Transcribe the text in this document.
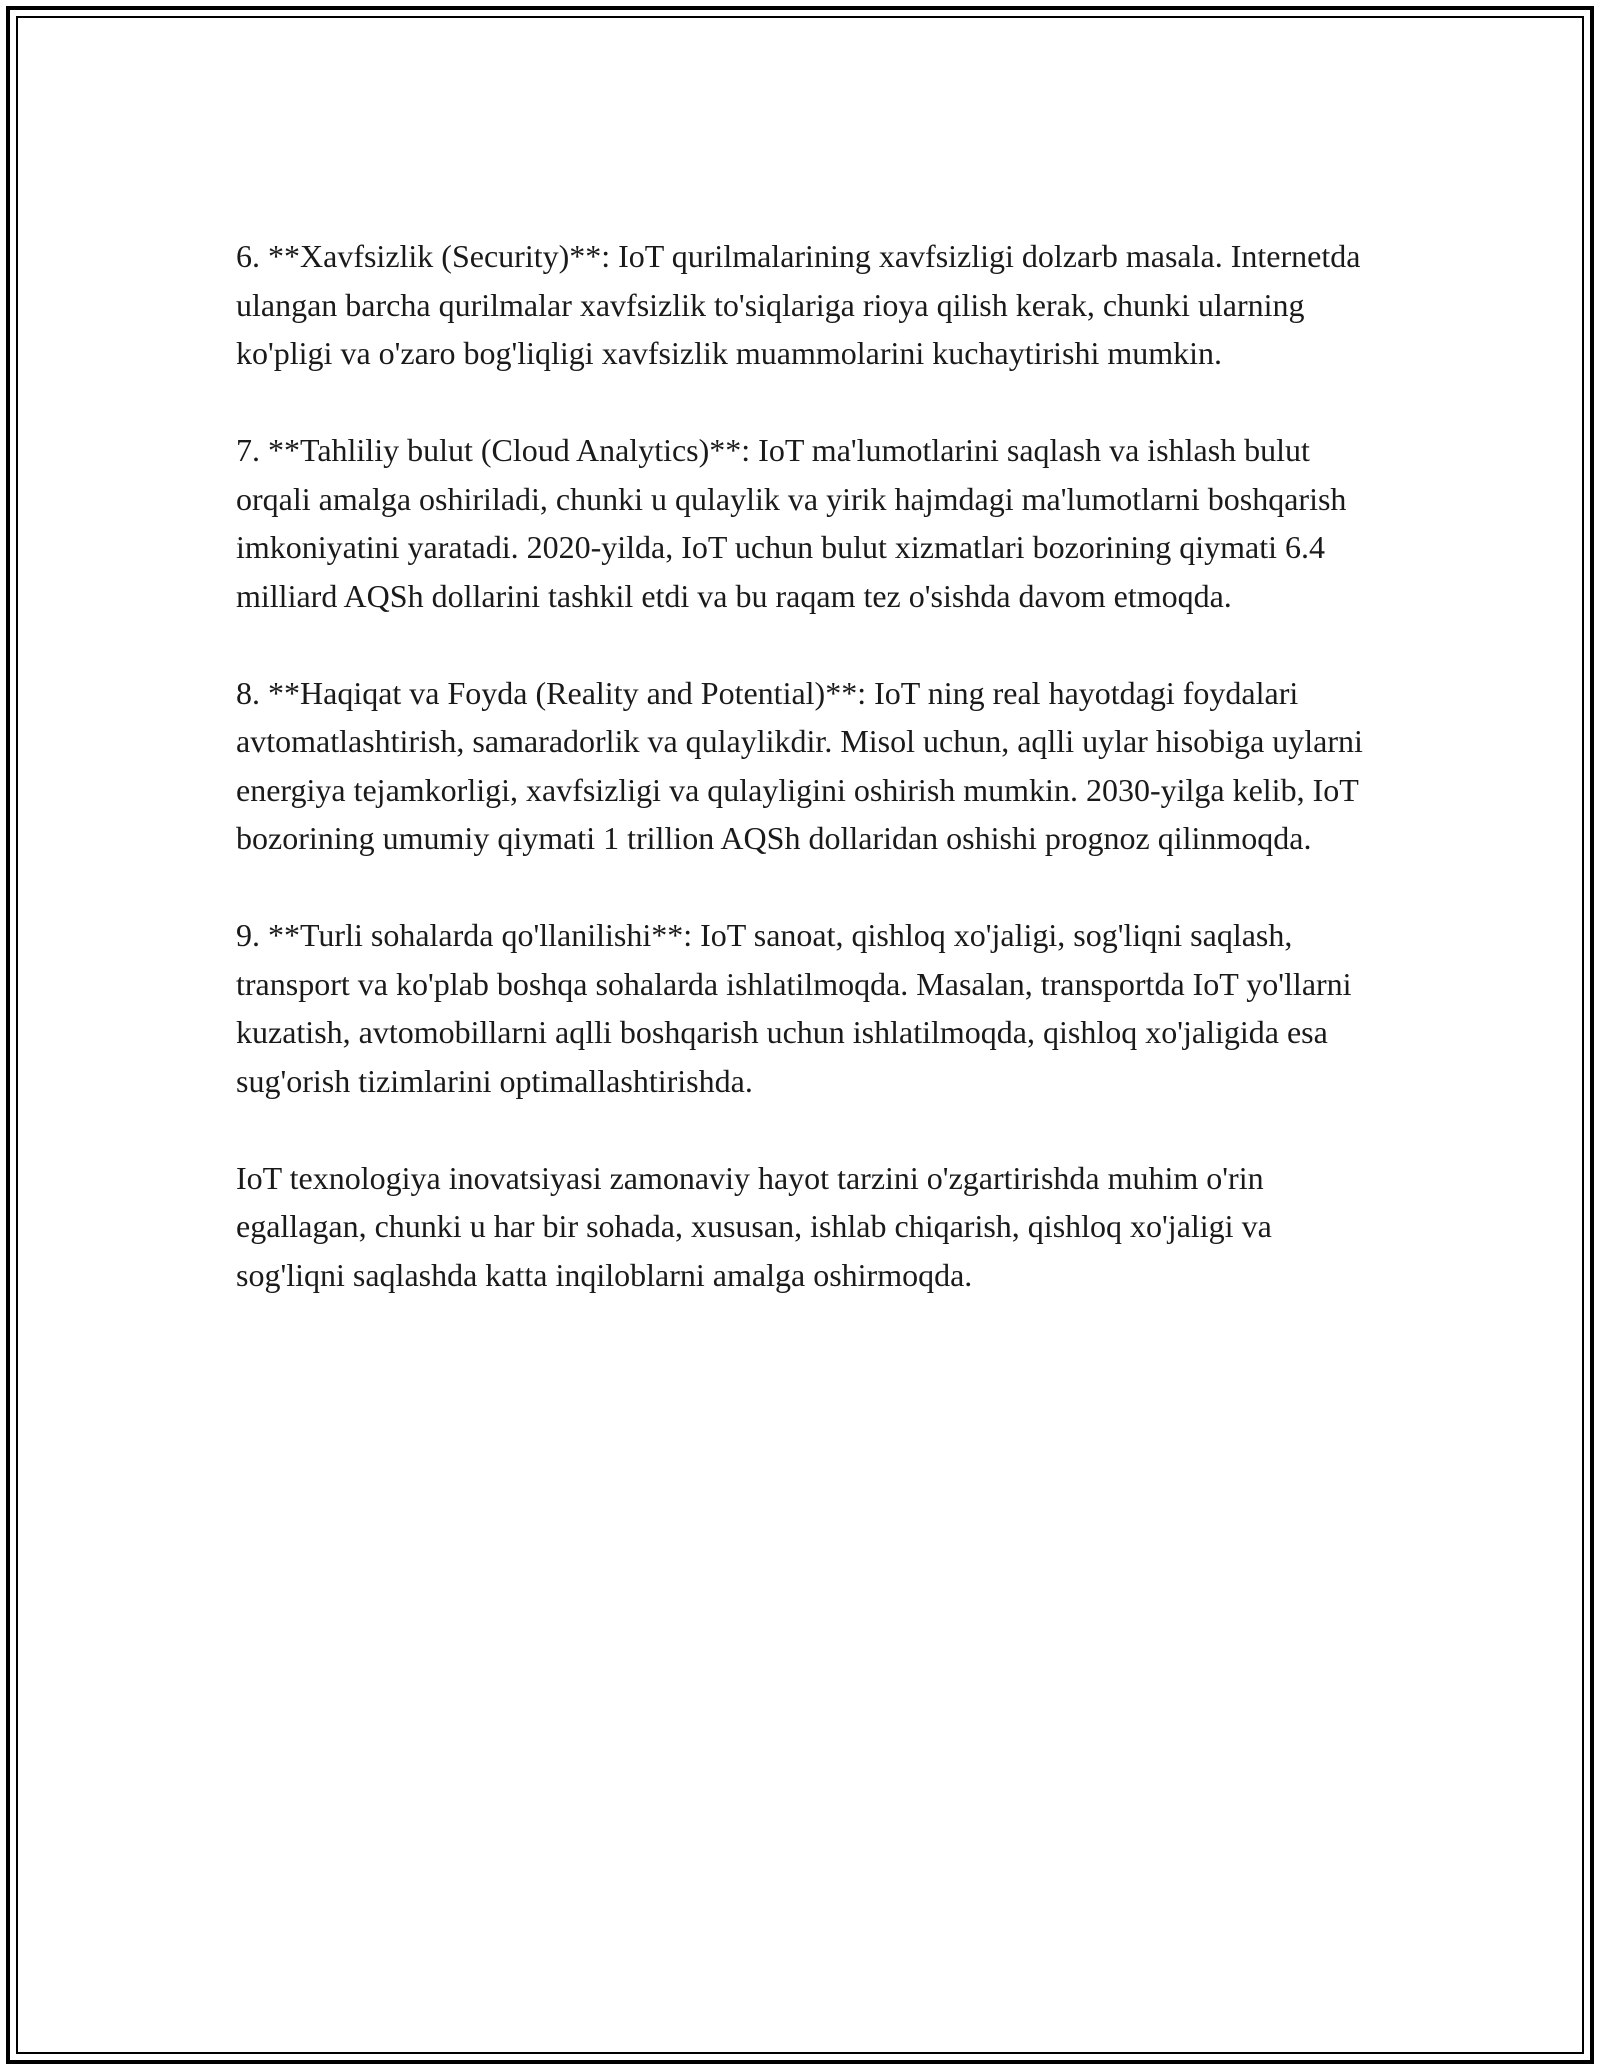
6. **Xavfsizlik (Security)**: IoT qurilmalarining xavfsizligi dolzarb masala. Internetda ulangan barcha qurilmalar xavfsizlik to'siqlariga rioya qilish kerak, chunki ularning ko'pligi va o'zaro bog'liqligi xavfsizlik muammolarini kuchaytirishi mumkin.

7. **Tahliliy bulut (Cloud Analytics)**: IoT ma'lumotlarini saqlash va ishlash bulut orqali amalga oshiriladi, chunki u qulaylik va yirik hajmdagi ma'lumotlarni boshqarish imkoniyatini yaratadi. 2020-yilda, IoT uchun bulut xizmatlari bozorining qiymati 6.4 milliard AQSh dollarini tashkil etdi va bu raqam tez o'sishda davom etmoqda.

8. **Haqiqat va Foyda (Reality and Potential)**: IoT ning real hayotdagi foydalari avtomatlashtirish, samaradorlik va qulaylikdir. Misol uchun, aqlli uylar hisobiga uylarni energiya tejamkorligi, xavfsizligi va qulayligini oshirish mumkin. 2030-yilga kelib, IoT bozorining umumiy qiymati 1 trillion AQSh dollaridan oshishi prognoz qilinmoqda.

9. **Turli sohalarda qo'llanilishi**: IoT sanoat, qishloq xo'jaligi, sog'liqni saqlash, transport va ko'plab boshqa sohalarda ishlatilmoqda. Masalan, transportda IoT yo'llarni kuzatish, avtomobillarni aqlli boshqarish uchun ishlatilmoqda, qishloq xo'jaligida esa sug'orish tizimlarini optimallashtirishda.

IoT texnologiya inovatsiyasi zamonaviy hayot tarzini o'zgartirishda muhim o'rin egallagan, chunki u har bir sohada, xususan, ishlab chiqarish, qishloq xo'jaligi va sog'liqni saqlashda katta inqiloblarni amalga oshirmoqda.
